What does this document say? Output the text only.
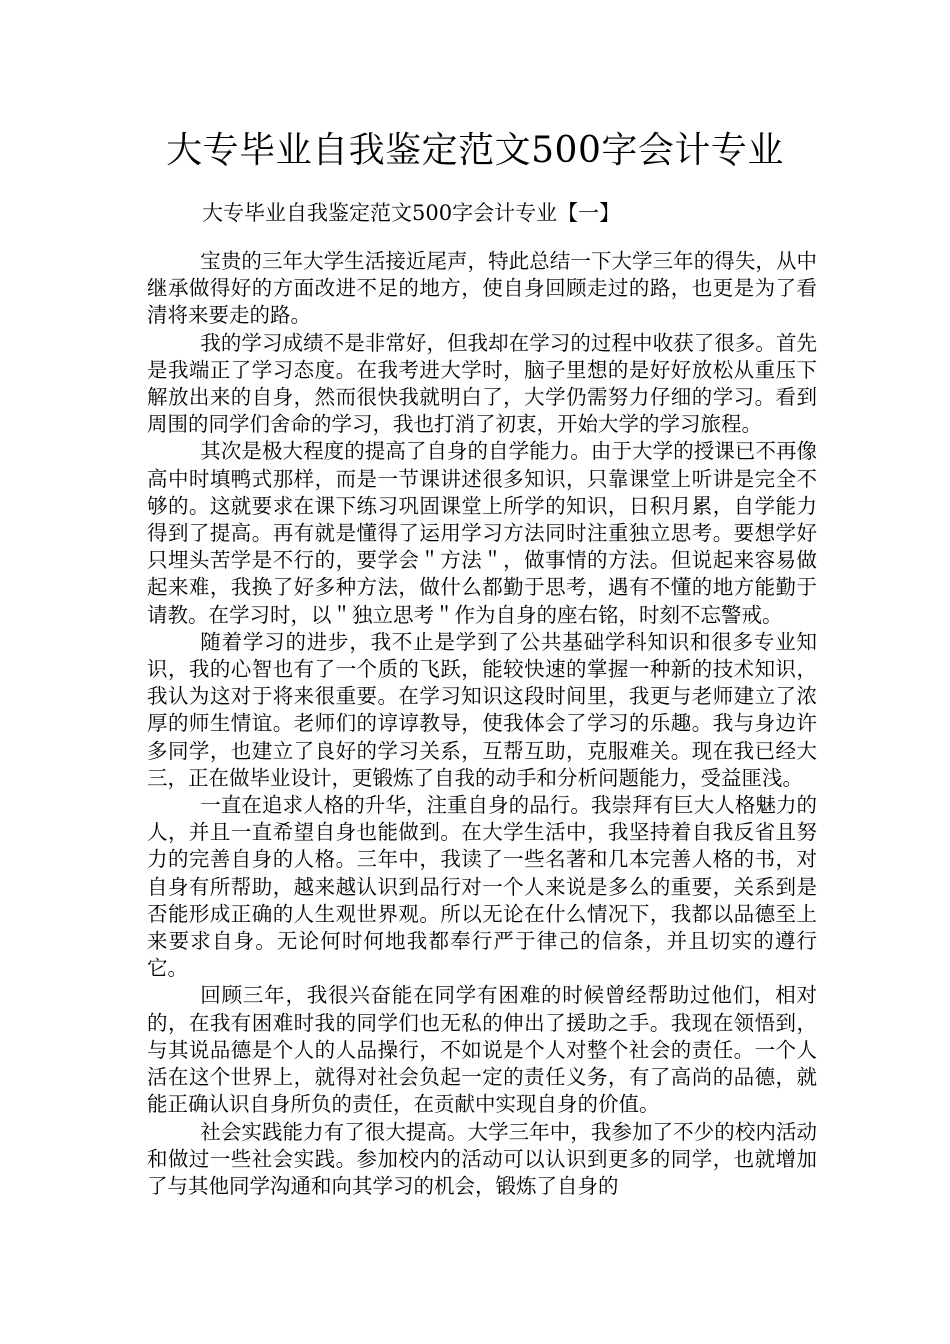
大专毕业自我鉴定范文500字会计专业
大专毕业自我鉴定范文500字会计专业【一】

宝贵的三年大学生活接近尾声，特此总结一下大学三年的得失，从中继承做得好的方面改进不足的地方，使自身回顾走过的路，也更是为了看清将来要走的路。

我的学习成绩不是非常好，但我却在学习的过程中收获了很多。首先是我端正了学习态度。在我考进大学时，脑子里想的是好好放松从重压下解放出来的自身，然而很快我就明白了，大学仍需努力仔细的学习。看到周围的同学们舍命的学习，我也打消了初衷，开始大学的学习旅程。

其次是极大程度的提高了自身的自学能力。由于大学的授课已不再像高中时填鸭式那样，而是一节课讲述很多知识，只靠课堂上听讲是完全不够的。这就要求在课下练习巩固课堂上所学的知识，日积月累，自学能力得到了提高。再有就是懂得了运用学习方法同时注重独立思考。要想学好只埋头苦学是不行的，要学会＂方法＂，做事情的方法。但说起来容易做起来难，我换了好多种方法，做什么都勤于思考，遇有不懂的地方能勤于请教。在学习时，以＂独立思考＂作为自身的座右铭，时刻不忘警戒。

随着学习的进步，我不止是学到了公共基础学科知识和很多专业知识，我的心智也有了一个质的飞跃，能较快速的掌握一种新的技术知识，我认为这对于将来很重要。在学习知识这段时间里，我更与老师建立了浓厚的师生情谊。老师们的谆谆教导，使我体会了学习的乐趣。我与身边许多同学，也建立了良好的学习关系，互帮互助，克服难关。现在我已经大三，正在做毕业设计，更锻炼了自我的动手和分析问题能力，受益匪浅。

一直在追求人格的升华，注重自身的品行。我崇拜有巨大人格魅力的人，并且一直希望自身也能做到。在大学生活中，我坚持着自我反省且努力的完善自身的人格。三年中，我读了一些名著和几本完善人格的书，对自身有所帮助，越来越认识到品行对一个人来说是多么的重要，关系到是否能形成正确的人生观世界观。所以无论在什么情况下，我都以品德至上来要求自身。无论何时何地我都奉行严于律己的信条，并且切实的遵行它。

回顾三年，我很兴奋能在同学有困难的时候曾经帮助过他们，相对的，在我有困难时我的同学们也无私的伸出了援助之手。我现在领悟到，与其说品德是个人的人品操行，不如说是个人对整个社会的责任。一个人活在这个世界上，就得对社会负起一定的责任义务，有了高尚的品德，就能正确认识自身所负的责任，在贡献中实现自身的价值。

社会实践能力有了很大提高。大学三年中，我参加了不少的校内活动和做过一些社会实践。参加校内的活动可以认识到更多的同学，也就增加了与其他同学沟通和向其学习的机会，锻炼了自身的
